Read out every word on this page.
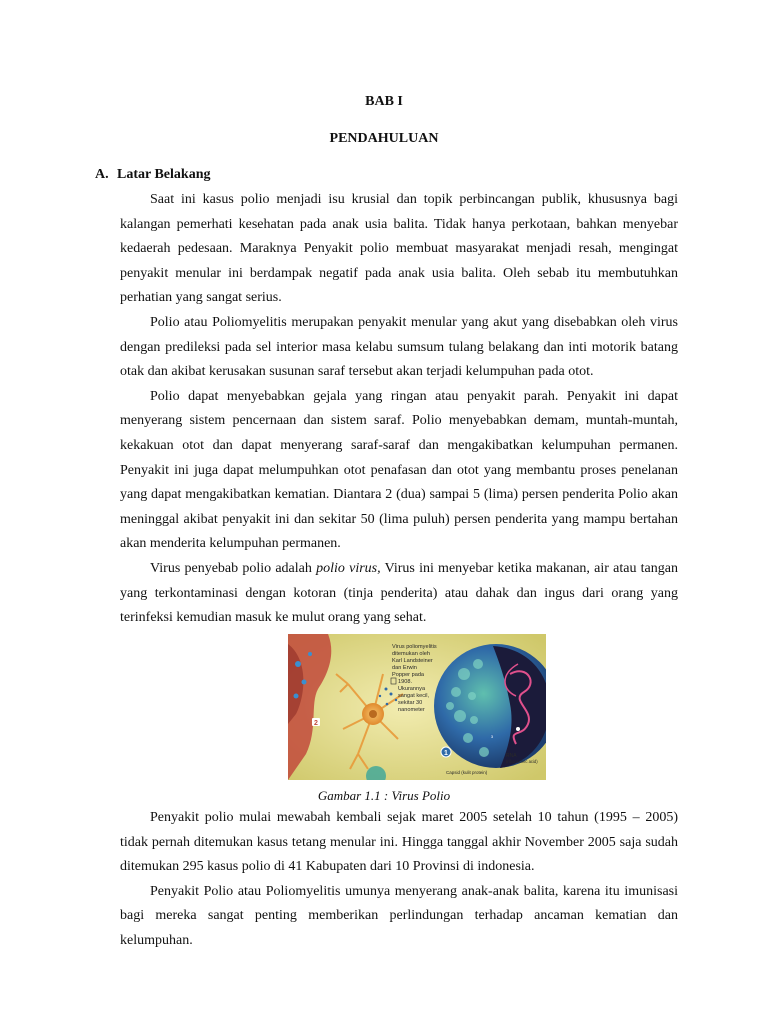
BAB I
PENDAHULUAN
A. Latar Belakang

Saat ini kasus polio menjadi isu krusial dan topik perbincangan publik, khususnya bagi kalangan pemerhati kesehatan pada anak usia balita. Tidak hanya perkotaan, bahkan menyebar kedaerah pedesaan. Maraknya Penyakit polio membuat masyarakat menjadi resah, mengingat penyakit menular ini berdampak negatif pada anak usia balita. Oleh sebab itu membutuhkan perhatian yang sangat serius.

Polio atau Poliomyelitis merupakan penyakit menular yang akut yang disebabkan oleh virus dengan predileksi pada sel interior masa kelabu sumsum tulang belakang dan inti motorik batang otak dan akibat kerusakan susunan saraf tersebut akan terjadi kelumpuhan pada otot.

Polio dapat menyebabkan gejala yang ringan atau penyakit parah. Penyakit ini dapat menyerang sistem pencernaan dan sistem saraf. Polio menyebabkan demam, muntah-muntah, kekakuan otot dan dapat menyerang saraf-saraf dan mengakibatkan kelumpuhan permanen. Penyakit ini juga dapat melumpuhkan otot penafasan dan otot yang membantu proses penelanan yang dapat mengakibatkan kematian. Diantara 2 (dua) sampai 5 (lima) persen penderita Polio akan meninggal akibat penyakit ini dan sekitar 50 (lima puluh) persen penderita yang mampu bertahan akan menderita kelumpuhan permanen.

Virus penyebab polio adalah polio virus, Virus ini menyebar ketika makanan, air atau tangan yang terkontaminasi dengan kotoran (tinja penderita) atau dahak dan ingus dari orang yang terinfeksi kemudian masuk ke mulut orang yang sehat.

2
Virus poliomyelitis
ditemukan oleh
Karl Landsteiner
dan Erwin
Popper pada
1908.
Ukurannya
sangat kecil,
sekitar 30
nanometer
1
3
RNA
(ribonucleic acid)
Capsid (kulit protein)
Gambar 1.1 : Virus Polio

Penyakit polio mulai mewabah kembali sejak maret 2005 setelah 10 tahun (1995 – 2005) tidak pernah ditemukan kasus tetang menular ini. Hingga tanggal akhir November 2005 saja sudah ditemukan 295 kasus polio di 41 Kabupaten dari 10 Provinsi di indonesia.

Penyakit Polio atau Poliomyelitis umunya menyerang anak-anak balita, karena itu imunisasi bagi mereka sangat penting memberikan perlindungan terhadap ancaman kematian dan kelumpuhan.
